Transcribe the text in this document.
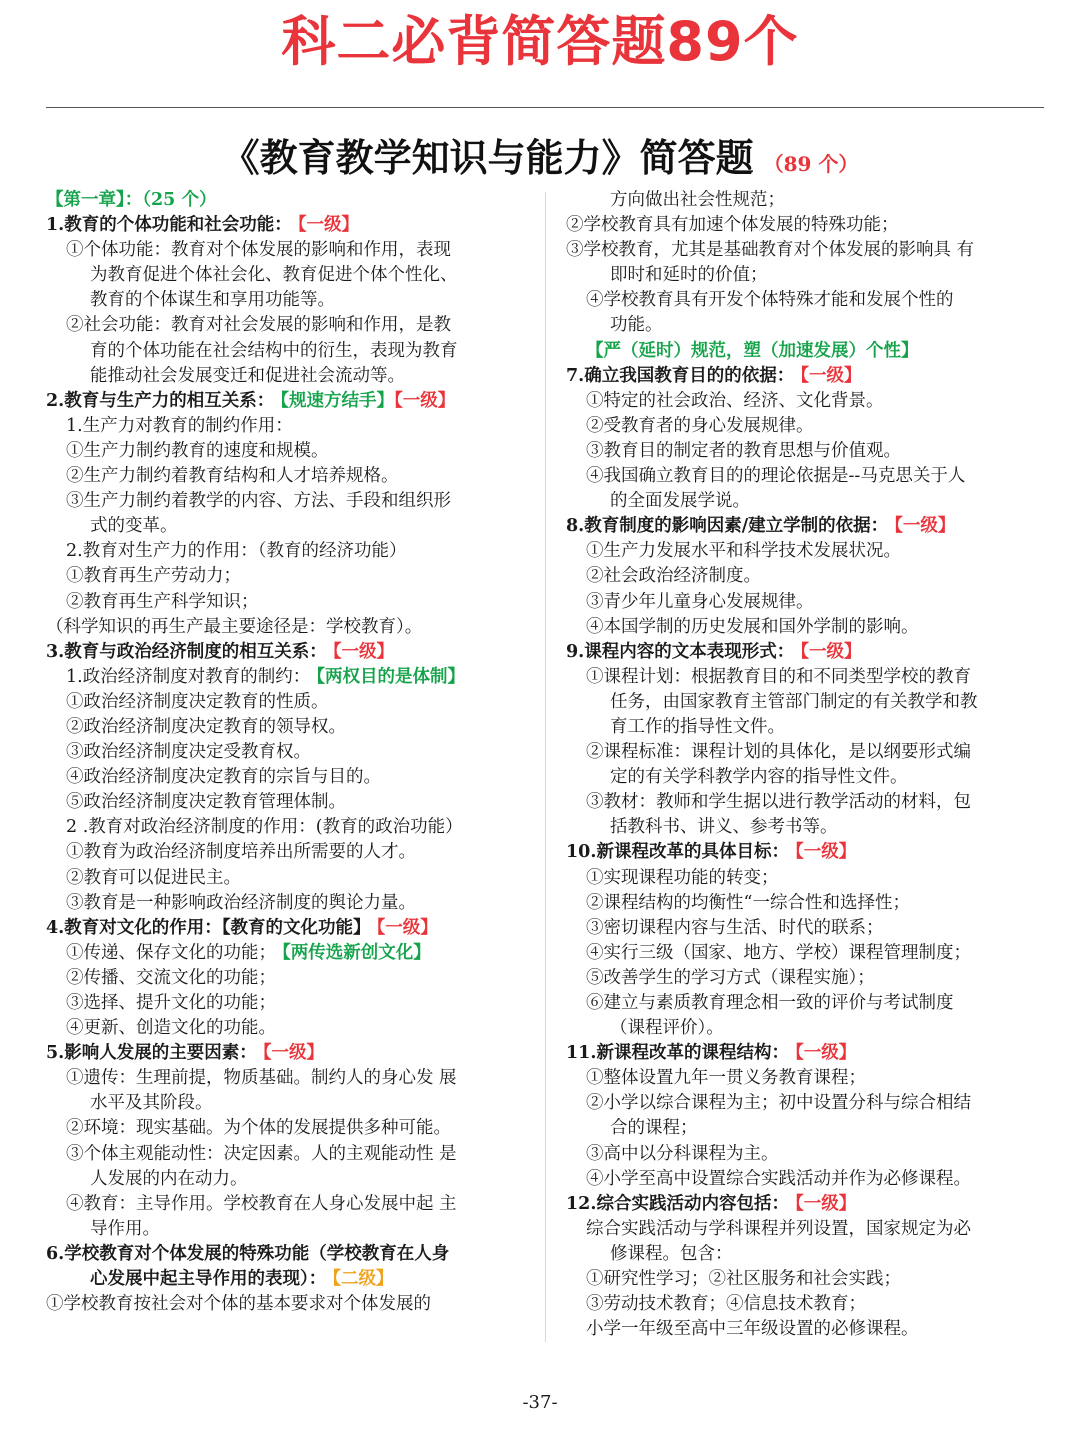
科二必背简答题89个
《教育教学知识与能力》简答题 （89 个）

【第一章】：（25 个）

1.教育的个体功能和社会功能： 【一级】

①个体功能：教育对个体发展的影响和作用，表现

为教育促进个体社会化、教育促进个体个性化、

教育的个体谋生和享用功能等。

②社会功能：教育对社会发展的影响和作用，是教

育的个体功能在社会结构中的衍生，表现为教育

能推动社会发展变迁和促进社会流动等。

2.教育与生产力的相互关系： 【规速方结手】【一级】

1.生产力对教育的制约作用：

①生产力制约教育的速度和规模。

②生产力制约着教育结构和人才培养规格。

③生产力制约着教学的内容、方法、手段和组织形

式的变革。

2.教育对生产力的作用：（教育的经济功能）

①教育再生产劳动力；

②教育再生产科学知识；

（科学知识的再生产最主要途径是：学校教育）。

3.教育与政治经济制度的相互关系： 【一级】

1.政治经济制度对教育的制约： 【两权目的是体制】

①政治经济制度决定教育的性质。

②政治经济制度决定教育的领导权。

③政治经济制度决定受教育权。

④政治经济制度决定教育的宗旨与目的。

⑤政治经济制度决定教育管理体制。

2 .教育对政治经济制度的作用：(教育的政治功能）

①教育为政治经济制度培养出所需要的人才。

②教育可以促进民主。

③教育是一种影响政治经济制度的舆论力量。

4.教育对文化的作用：【教育的文化功能】 【一级】

①传递、保存文化的功能； 【两传选新创文化】

②传播、交流文化的功能；

③选择、提升文化的功能；

④更新、创造文化的功能。

5.影响人发展的主要因素： 【一级】

①遗传：生理前提，物质基础。制约人的身心发 展

水平及其阶段。

②环境：现实基础。为个体的发展提供多种可能。

③个体主观能动性：决定因素。人的主观能动性 是

人发展的内在动力。

④教育：主导作用。学校教育在人身心发展中起 主

导作用。

6.学校教育对个体发展的特殊功能（学校教育在人身

心发展中起主导作用的表现）： 【二级】

①学校教育按社会对个体的基本要求对个体发展的

方向做出社会性规范；

②学校教育具有加速个体发展的特殊功能；

③学校教育，尤其是基础教育对个体发展的影响具 有

即时和延时的价值；

④学校教育具有开发个体特殊才能和发展个性的

功能。

【严（延时）规范，塑（加速发展）个性】

7.确立我国教育目的的依据： 【一级】

①特定的社会政治、经济、文化背景。

②受教育者的身心发展规律。

③教育目的制定者的教育思想与价值观。

④我国确立教育目的的理论依据是--马克思关于人

的全面发展学说。

8.教育制度的影响因素/建立学制的依据： 【一级】

①生产力发展水平和科学技术发展状况。

②社会政治经济制度。

③青少年儿童身心发展规律。

④本国学制的历史发展和国外学制的影响。

9.课程内容的文本表现形式： 【一级】

①课程计划：根据教育目的和不同类型学校的教育

任务，由国家教育主管部门制定的有关教学和教

育工作的指导性文件。

②课程标准：课程计划的具体化，是以纲要形式编

定的有关学科教学内容的指导性文件。

③教材：教师和学生据以进行教学活动的材料，包

括教科书、讲义、参考书等。

10.新课程改革的具体目标： 【一级】

①实现课程功能的转变；

②课程结构的均衡性“一综合性和选择性；

③密切课程内容与生活、时代的联系；

④实行三级（国家、地方、学校）课程管理制度；

⑤改善学生的学习方式（课程实施）；

⑥建立与素质教育理念相一致的评价与考试制度

（课程评价）。

11.新课程改革的课程结构： 【一级】

①整体设置九年一贯义务教育课程；

②小学以综合课程为主；初中设置分科与综合相结

合的课程；

③高中以分科课程为主。

④小学至高中设置综合实践活动并作为必修课程。

12.综合实践活动内容包括： 【一级】

综合实践活动与学科课程并列设置，国家规定为必

修课程。包含：

①研究性学习；②社区服务和社会实践；

③劳动技术教育；④信息技术教育；

小学一年级至高中三年级设置的必修课程。

-37-
